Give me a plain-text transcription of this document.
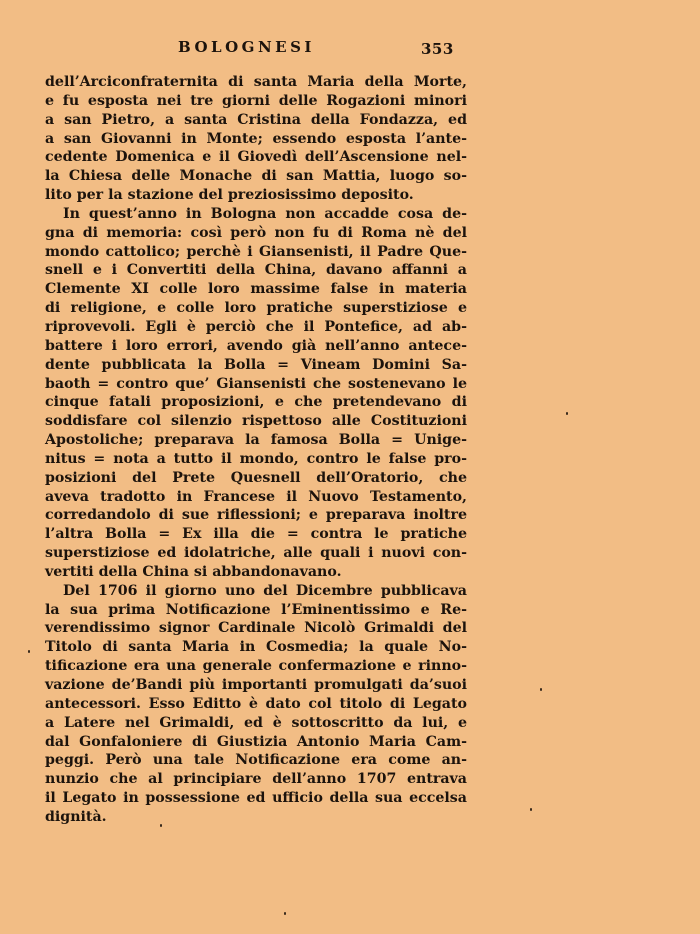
BOLOGNESI	353
dell’Arciconfraternita di santa Maria della Morte,
e fu esposta nei tre giorni delle Rogazioni minori
a san Pietro, a santa Cristina della Fondazza, ed
a san Giovanni in Monte; essendo esposta l’ante-
cedente Domenica e il Giovedì dell’Ascensione nel-
la Chiesa delle Monache di san Mattia, luogo so-
lito per la stazione del preziosissimo deposito.
In quest’anno in Bologna non accadde cosa de-
gna di memoria: così però non fu di Roma nè del
mondo cattolico; perchè i Giansenisti, il Padre Que-
snell e i Convertiti della China, davano affanni a
Clemente XI colle loro massime false in materia
di religione, e colle loro pratiche superstiziose e
riprovevoli. Egli è perciò che il Pontefice, ad ab-
battere i loro errori, avendo già nell’anno antece-
dente pubblicata la Bolla = Vineam Domini Sa-
baoth = contro que’ Giansenisti che sostenevano le
cinque fatali proposizioni, e che pretendevano di
soddisfare col silenzio rispettoso alle Costituzioni
Apostoliche; preparava la famosa Bolla = Unige-
nitus = nota a tutto il mondo, contro le false pro-
posizioni del Prete Quesnell dell’Oratorio, che
aveva tradotto in Francese il Nuovo Testamento,
corredandolo di sue riflessioni; e preparava inoltre
l’altra Bolla = Ex illa die = contra le pratiche
superstiziose ed idolatriche, alle quali i nuovi con-
vertiti della China si abbandonavano.
Del 1706 il giorno uno del Dicembre pubblicava
la sua prima Notificazione l’Eminentissimo e Re-
verendissimo signor Cardinale Nicolò Grimaldi del
Titolo di santa Maria in Cosmedia; la quale No-
tificazione era una generale confermazione e rinno-
vazione de’Bandi più importanti promulgati da’suoi
antecessori. Esso Editto è dato col titolo di Legato
a Latere nel Grimaldi, ed è sottoscritto da lui, e
dal Gonfaloniere di Giustizia Antonio Maria Cam-
peggi. Però una tale Notificazione era come an-
nunzio che al principiare dell’anno 1707 entrava
il Legato in possessione ed ufficio della sua eccelsa
dignità.
